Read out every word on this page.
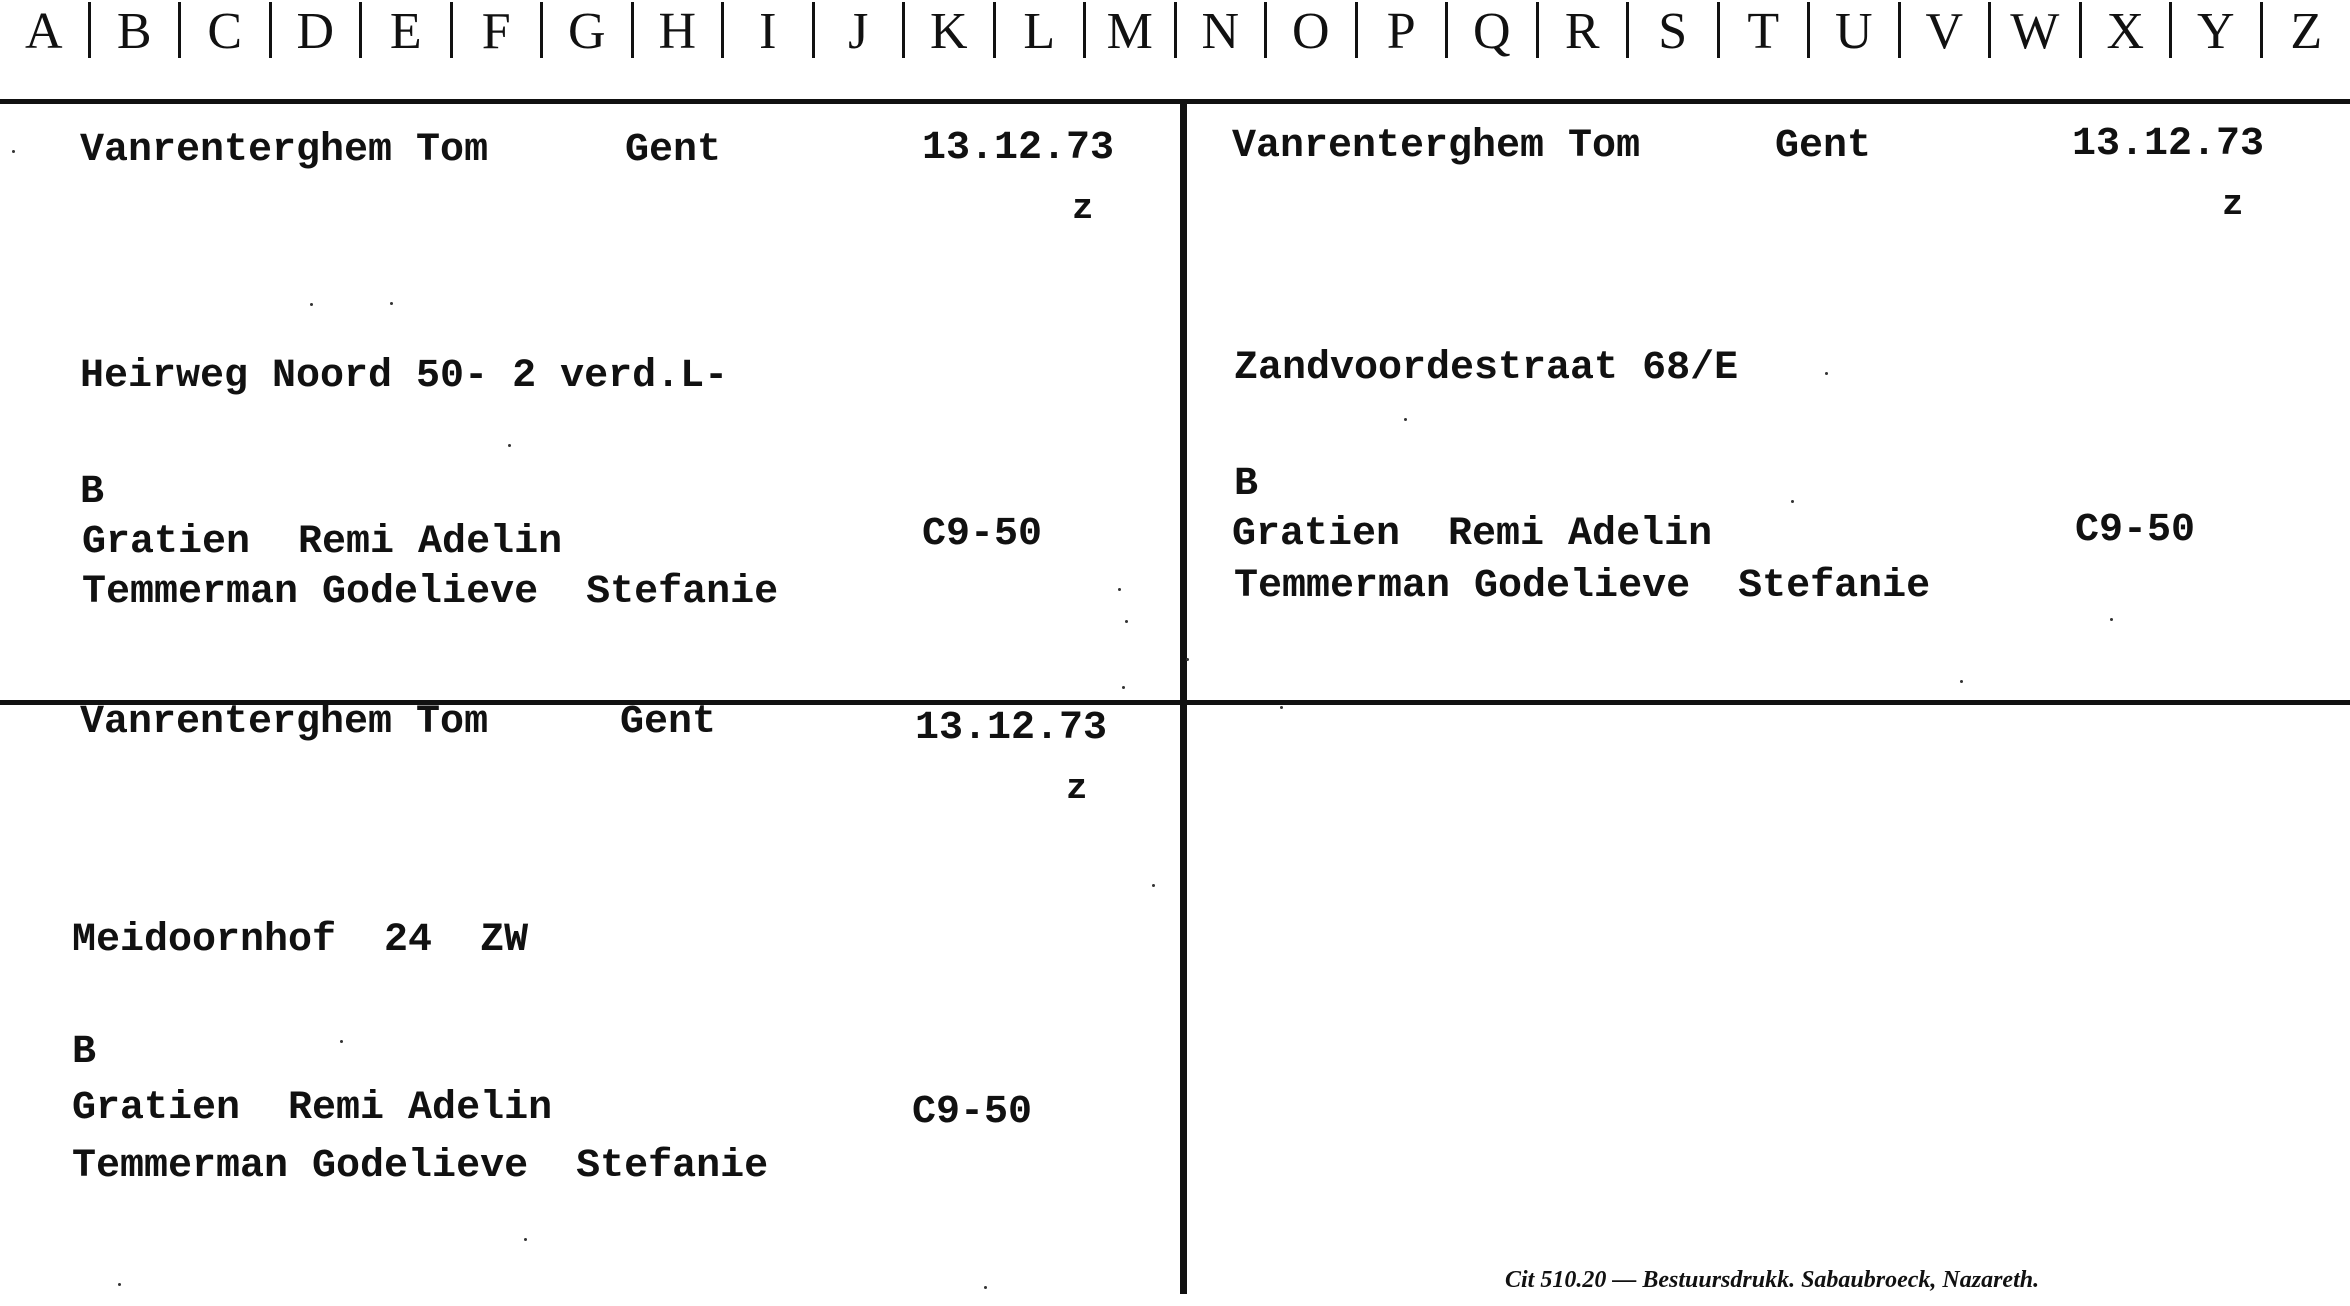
A	B	C	D	E	F	G	H	I	J	K	L M N	O	P	Q	R	S	T	U	V W X	Y	Z
Vanrenterghem Tom	Gent	13.12.73
z
Heirweg Noord 50- 2 verd.L-
B
Gratien  Remi Adelin	C9-50
Temmerman Godelieve  Stefanie
Vanrenterghem Tom	Gent	13.12.73
z
Zandvoordestraat 68/E
B
Gratien  Remi Adelin	C9-50
Temmerman Godelieve  Stefanie
Vanrenterghem Tom	Gent	13.12.73
z
Meidoornhof  24  ZW
B
Gratien  Remi Adelin	C9-50
Temmerman Godelieve  Stefanie
Cit 510.20 — Bestuursdrukk. Sabaubroeck, Nazareth.
